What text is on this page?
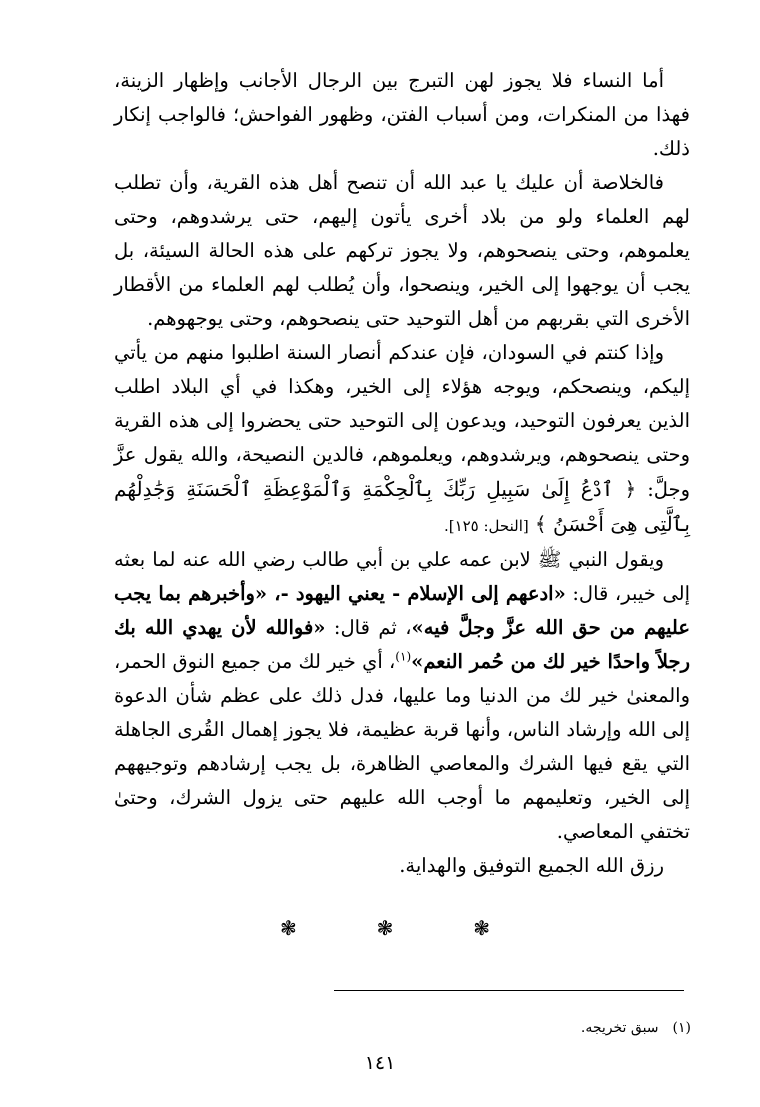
أما النساء فلا يجوز لهن التبرج بين الرجال الأجانب وإظهار الزينة، فهذا من المنكرات، ومن أسباب الفتن، وظهور الفواحش؛ فالواجب إنكار ذلك.

فالخلاصة أن عليك يا عبد الله أن تنصح أهل هذه القرية، وأن تطلب لهم العلماء ولو من بلاد أخرى يأتون إليهم، حتى يرشدوهم، وحتى يعلموهم، وحتى ينصحوهم، ولا يجوز تركهم على هذه الحالة السيئة، بل يجب أن يوجهوا إلى الخير، وينصحوا، وأن يُطلب لهم العلماء من الأقطار الأخرى التي بقربهم من أهل التوحيد حتى ينصحوهم، وحتى يوجهوهم.

وإذا كنتم في السودان، فإن عندكم أنصار السنة اطلبوا منهم من يأتي إليكم، وينصحكم، ويوجه هؤلاء إلى الخير، وهكذا في أي البلاد اطلب الذين يعرفون التوحيد، ويدعون إلى التوحيد حتى يحضروا إلى هذه القرية وحتى ينصحوهم، ويرشدوهم، ويعلموهم، فالدين النصيحة، والله يقول عزَّ وجلَّ: ﴿ ٱدْعُ إِلَىٰ سَبِيلِ رَبِّكَ بِٱلْحِكْمَةِ وَٱلْمَوْعِظَةِ ٱلْحَسَنَةِ وَجَٰدِلْهُم بِٱلَّتِى هِىَ أَحْسَنُ ﴾ [النحل: ١٢٥].

ويقول النبي ﷺ لابن عمه علي بن أبي طالب رضي الله عنه لما بعثه إلى خيبر، قال: «ادعهم إلى الإسلام - يعني اليهود -، «وأخبرهم بما يجب عليهم من حق الله عزَّ وجلَّ فيه»، ثم قال: «فوالله لأن يهدي الله بك رجلاً واحدًا خير لك من حُمر النعم»$^{(١)}$، أي خير لك من جميع النوق الحمر، والمعنىٰ خير لك من الدنيا وما عليها، فدل ذلك على عظم شأن الدعوة إلى الله وإرشاد الناس، وأنها قربة عظيمة، فلا يجوز إهمال القُرى الجاهلة التي يقع فيها الشرك والمعاصي الظاهرة، بل يجب إرشادهم وتوجيههم إلى الخير، وتعليمهم ما أوجب الله عليهم حتى يزول الشرك، وحتىٰ تختفي المعاصي.

رزق الله الجميع التوفيق والهداية.

❃	❃	❃
(١)سبق تخريجه.
١٤١
